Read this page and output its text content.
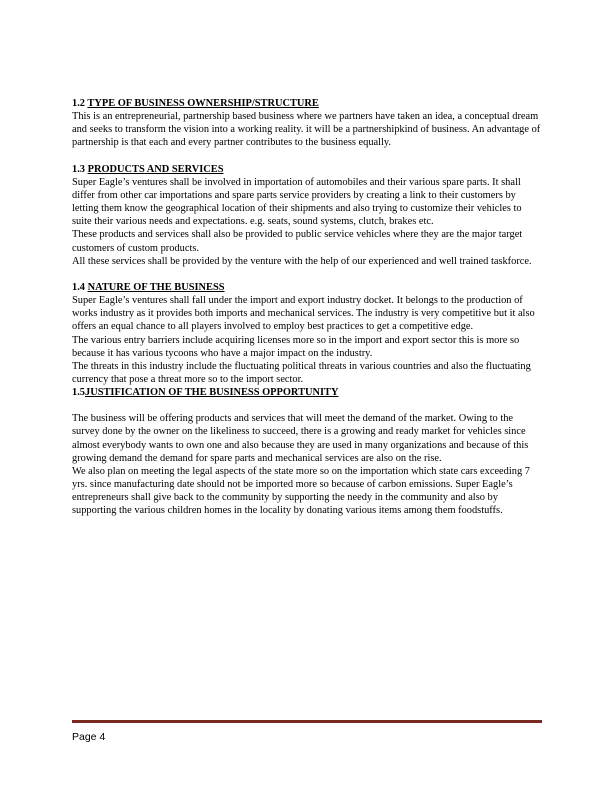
1.2 TYPE OF BUSINESS OWNERSHIP/STRUCTURE

This is an entrepreneurial, partnership based business where we partners have taken an idea, a conceptual dream and seeks to transform the vision into a working reality. it will be a partnershipkind of business. An advantage of partnership is that each and every partner contributes to the business equally.

1.3 PRODUCTS AND SERVICES

Super Eagle’s ventures shall be involved in importation of automobiles and their various spare parts. It shall differ from other car importations and spare parts service providers by creating a link to their customers by letting them know the geographical location of their shipments and also trying to customize their vehicles to suite their various needs and expectations. e.g. seats, sound systems, clutch, brakes etc.

These products and services shall also be provided to public service vehicles where they are the major target customers of custom products.

All these services shall be provided by the venture with the help of our experienced and well trained taskforce.

1.4 NATURE OF THE BUSINESS

Super Eagle’s ventures shall fall under the import and export industry docket. It belongs to the production of works industry as it provides both imports and mechanical services. The industry is very competitive but it also offers an equal chance to all players involved to employ best practices to get a competitive edge.

The various entry barriers include acquiring licenses more so in the import and export sector this is more so because it has various tycoons who have a major impact on the industry.

The threats in this industry include the fluctuating political threats in various countries and also the fluctuating currency that pose a threat more so to the import sector.

1.5JUSTIFICATION OF THE BUSINESS OPPORTUNITY

The business will be offering products and services that will meet the demand of the market. Owing to the survey done by the owner on the likeliness to succeed, there is a growing and ready market for vehicles since almost everybody wants to own one and also because they are used in many organizations and because of this growing demand the demand for spare parts and mechanical services are also on the rise.

We also plan on meeting the legal aspects of the state more so on the importation which state cars exceeding 7 yrs. since manufacturing date should not be imported more so because of carbon emissions. Super Eagle’s entrepreneurs shall give back to the community by supporting the needy in the community and also by supporting the various children homes in the locality by donating various items among them foodstuffs.

Page 4
